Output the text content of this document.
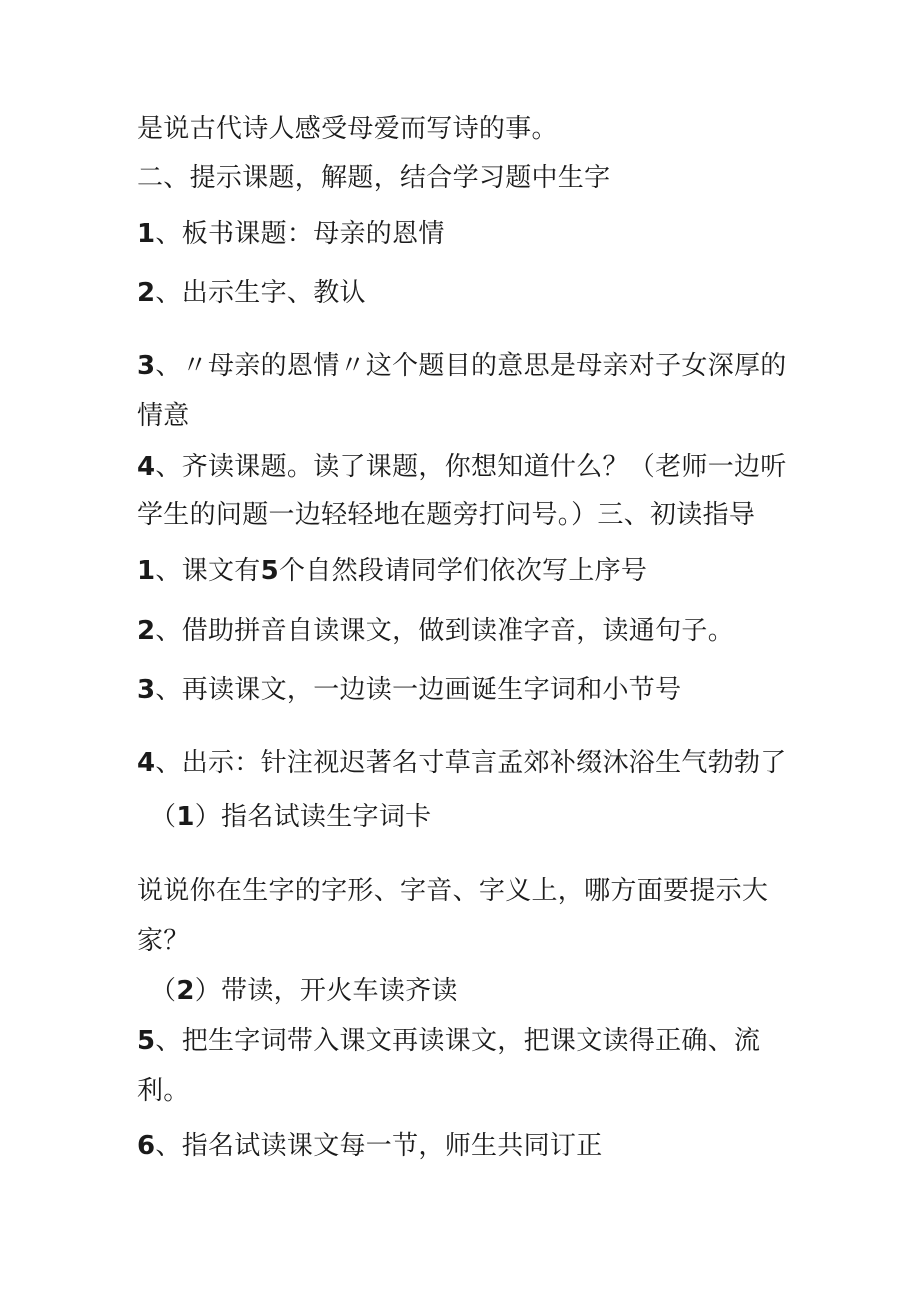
是说古代诗人感受母爱而写诗的事。

二、提示课题，解题，结合学习题中生字

1、板书课题：母亲的恩情

2、出示生字、教认

3、〃母亲的恩情〃这个题目的意思是母亲对子女深厚的

情意

4、齐读课题。读了课题，你想知道什么？（老师一边听

学生的问题一边轻轻地在题旁打问号。）三、初读指导

1、课文有5个自然段请同学们依次写上序号

2、借助拼音自读课文，做到读准字音，读通句子。

3、再读课文，一边读一边画诞生字词和小节号

4、出示：针注视迟著名寸草言孟郊补缀沐浴生气勃勃了

（1）指名试读生字词卡

说说你在生字的字形、字音、字义上，哪方面要提示大

家？

（2）带读，开火车读齐读

5、把生字词带入课文再读课文，把课文读得正确、流

利。

6、指名试读课文每一节，师生共同订正
